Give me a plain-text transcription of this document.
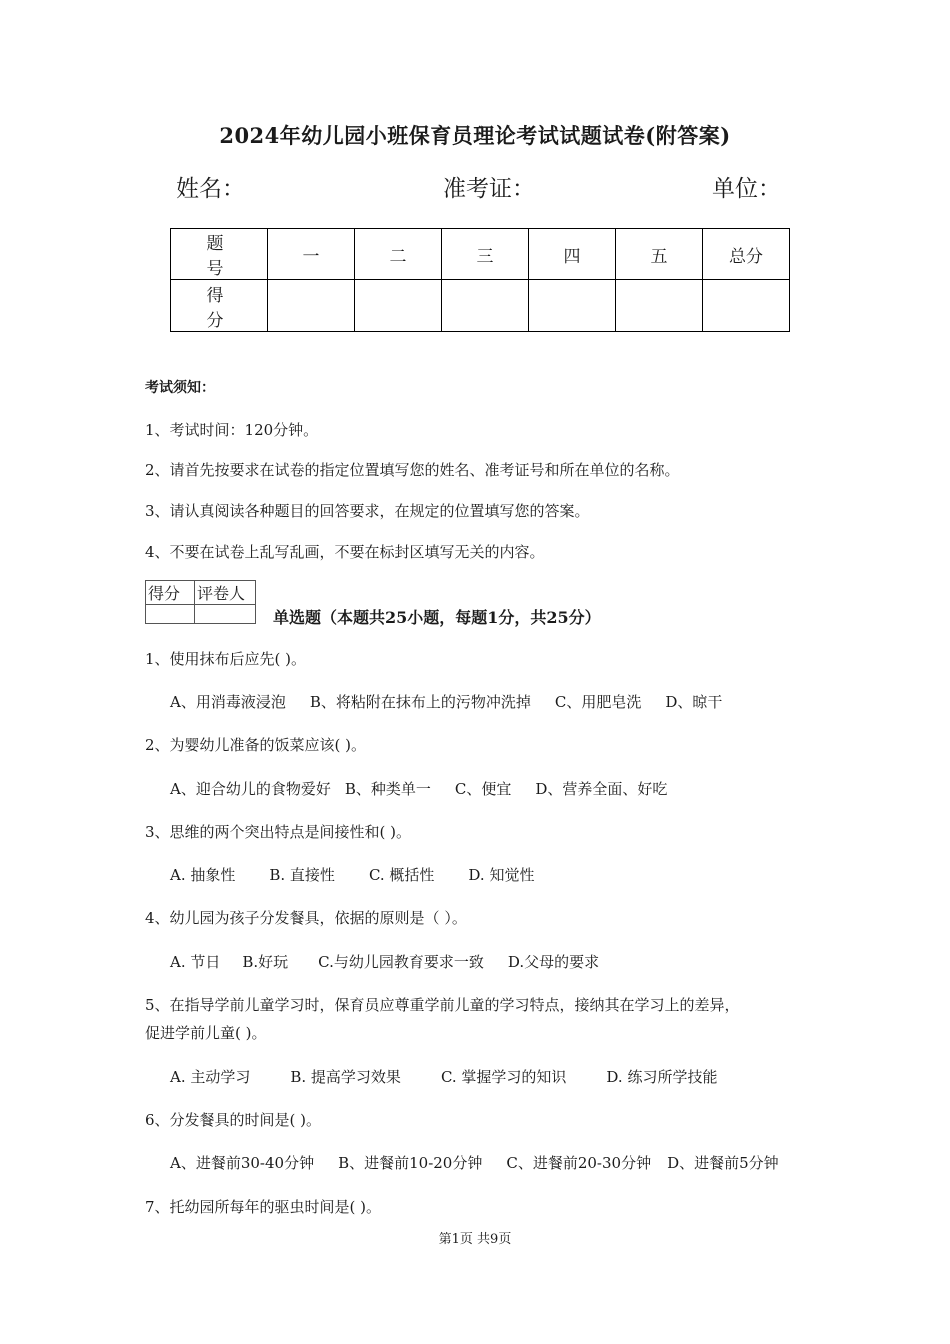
2024年幼儿园小班保育员理论考试试题试卷(附答案)
姓名：	准考证：	单位：
题 号	一	二	三	四	五	总分
得 分						
考试须知：
1、考试时间：120分钟。
2、请首先按要求在试卷的指定位置填写您的姓名、准考证号和所在单位的名称。
3、请认真阅读各种题目的回答要求，在规定的位置填写您的答案。
4、不要在试卷上乱写乱画，不要在标封区填写无关的内容。
得分	评卷人

单选题（本题共25小题，每题1分，共25分）
1、使用抹布后应先( )。
A、用消毒液浸泡 B、将粘附在抹布上的污物冲洗掉 C、用肥皂洗 D、晾干
2、为婴幼儿准备的饭菜应该( )。
A、迎合幼儿的食物爱好 B、种类单一 C、便宜 D、营养全面、好吃
3、思维的两个突出特点是间接性和( )。
A. 抽象性 B. 直接性 C. 概括性 D. 知觉性
4、幼儿园为孩子分发餐具，依据的原则是（ ）。
A. 节日 B.好玩 C.与幼儿园教育要求一致 D.父母的要求
5、在指导学前儿童学习时，保育员应尊重学前儿童的学习特点，接纳其在学习上的差异，
促进学前儿童( )。
A. 主动学习	B. 提高学习效果	C. 掌握学习的知识	D. 练习所学技能
6、分发餐具的时间是( )。
A、进餐前30-40分钟 B、进餐前10-20分钟 C、进餐前20-30分钟 D、进餐前5分钟
7、托幼园所每年的驱虫时间是( )。
第1页 共9页
